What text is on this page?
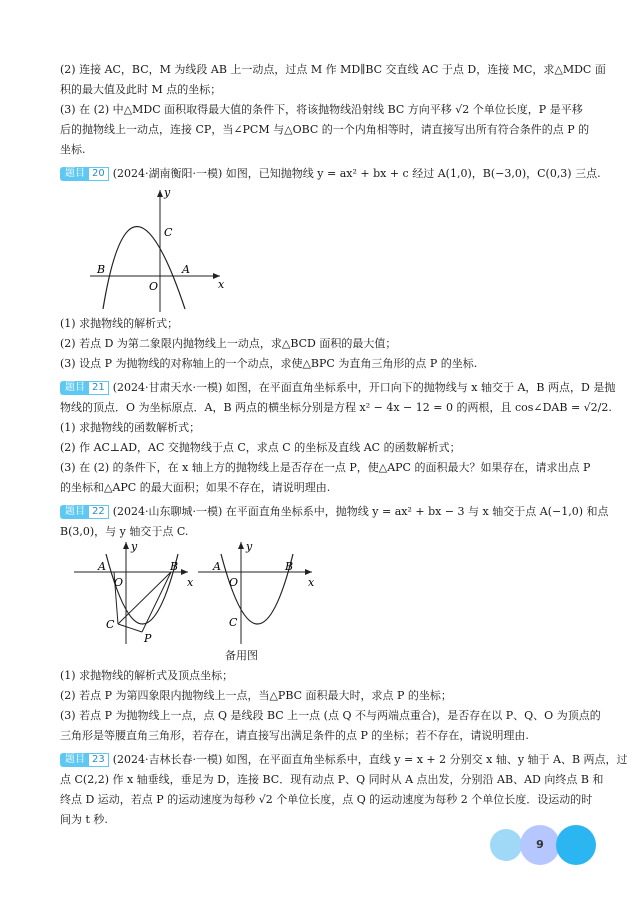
(2) 连接 AC，BC，M 为线段 AB 上一动点，过点 M 作 MD∥BC 交直线 AC 于点 D，连接 MC，求△MDC 面
积的最大值及此时 M 点的坐标；
(3) 在 (2) 中△MDC 面积取得最大值的条件下，将该抛物线沿射线 BC 方向平移 √2 个单位长度，P 是平移
后的抛物线上一动点，连接 CP，当∠PCM 与△OBC 的一个内角相等时，请直接写出所有符合条件的点 P 的
坐标.
题目 20 (2024·湖南衡阳·一模) 如图，已知抛物线 y = ax² + bx + c 经过 A(1,0)，B(−3,0)，C(0,3) 三点.
y
x
C
B
O
A
(1) 求抛物线的解析式；
(2) 若点 D 为第二象限内抛物线上一动点，求△BCD 面积的最大值；
(3) 设点 P 为抛物线的对称轴上的一个动点，求使△BPC 为直角三角形的点 P 的坐标.
题目 21 (2024·甘肃天水·一模) 如图，在平面直角坐标系中，开口向下的抛物线与 x 轴交于 A，B 两点，D 是抛
物线的顶点．O 为坐标原点．A，B 两点的横坐标分别是方程 x² − 4x − 12 = 0 的两根，且 cos∠DAB = √2/2.
(1) 求抛物线的函数解析式；
(2) 作 AC⊥AD，AC 交抛物线于点 C，求点 C 的坐标及直线 AC 的函数解析式；
(3) 在 (2) 的条件下，在 x 轴上方的抛物线上是否存在一点 P，使△APC 的面积最大？如果存在，请求出点 P
的坐标和△APC 的最大面积；如果不存在，请说明理由.
题目 22 (2024·山东聊城·一模) 在平面直角坐标系中，抛物线 y = ax² + bx − 3 与 x 轴交于点 A(−1,0) 和点
B(3,0)，与 y 轴交于点 C.
y
A
O
B
x
C
P
y
A
O
B
x
C
备用图
(1) 求抛物线的解析式及顶点坐标；
(2) 若点 P 为第四象限内抛物线上一点，当△PBC 面积最大时，求点 P 的坐标；
(3) 若点 P 为抛物线上一点，点 Q 是线段 BC 上一点 (点 Q 不与两端点重合)，是否存在以 P、Q、O 为顶点的
三角形是等腰直角三角形，若存在，请直接写出满足条件的点 P 的坐标；若不存在，请说明理由.
题目 23 (2024·吉林长春·一模) 如图，在平面直角坐标系中，直线 y = x + 2 分别交 x 轴、y 轴于 A、B 两点，过
点 C(2,2) 作 x 轴垂线，垂足为 D，连接 BC．现有动点 P、Q 同时从 A 点出发，分别沿 AB、AD 向终点 B 和
终点 D 运动，若点 P 的运动速度为每秒 √2 个单位长度，点 Q 的运动速度为每秒 2 个单位长度．设运动的时
间为 t 秒.
9
